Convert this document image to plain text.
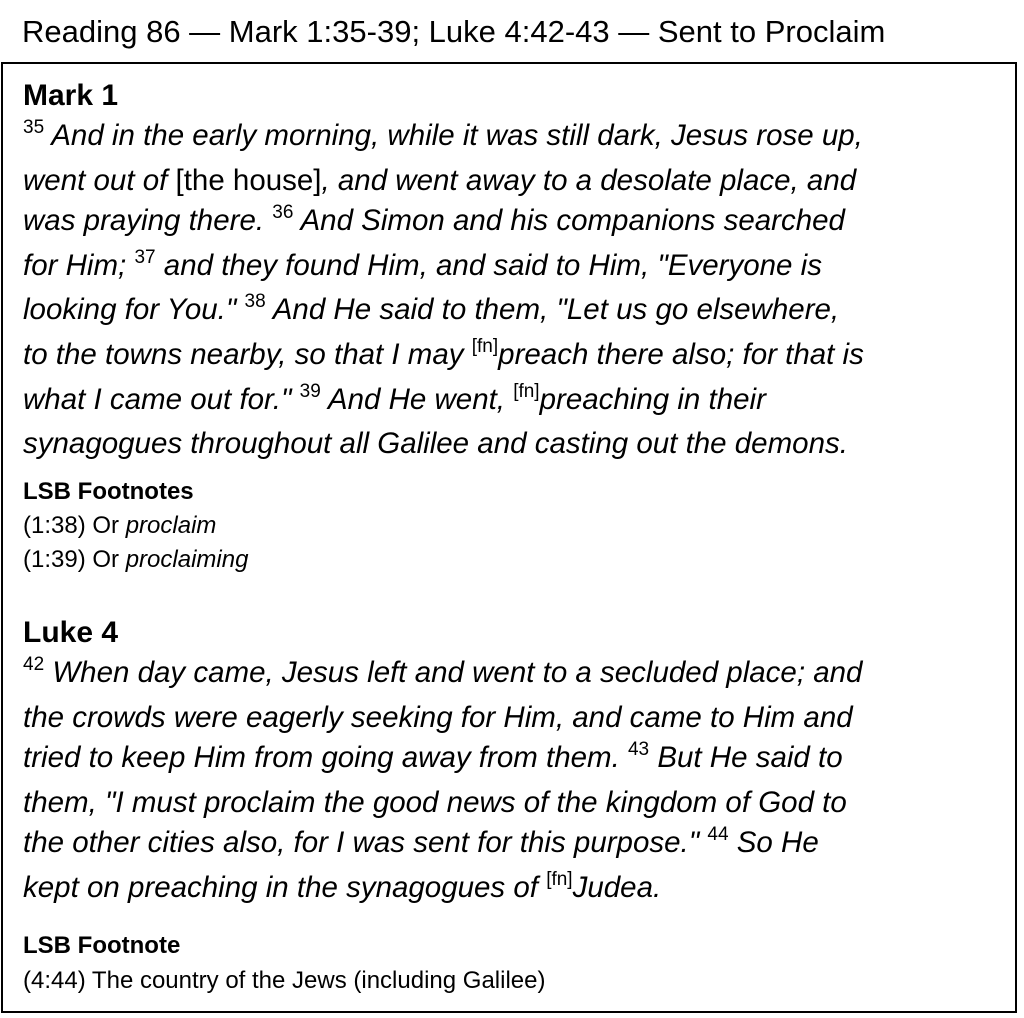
Reading 86 — Mark 1:35-39; Luke 4:42-43 — Sent to Proclaim
Mark 1
$^{35}$ And in the early morning, while it was still dark, Jesus rose up,
went out of [the house], and went away to a desolate place, and
was praying there. $^{36}$ And Simon and his companions searched
for Him; $^{37}$ and they found Him, and said to Him, "Everyone is
looking for You." $^{38}$ And He said to them, "Let us go elsewhere,
to the towns nearby, so that I may [fn]preach there also; for that is
what I came out for." $^{39}$ And He went, [fn]preaching in their
synagogues throughout all Galilee and casting out the demons.
LSB Footnotes
(1:38) Or proclaim
(1:39) Or proclaiming
Luke 4
$^{42}$ When day came, Jesus left and went to a secluded place; and
the crowds were eagerly seeking for Him, and came to Him and
tried to keep Him from going away from them. $^{43}$ But He said to
them, "I must proclaim the good news of the kingdom of God to
the other cities also, for I was sent for this purpose." $^{44}$ So He
kept on preaching in the synagogues of [fn]Judea.
LSB Footnote
(4:44) The country of the Jews (including Galilee)
